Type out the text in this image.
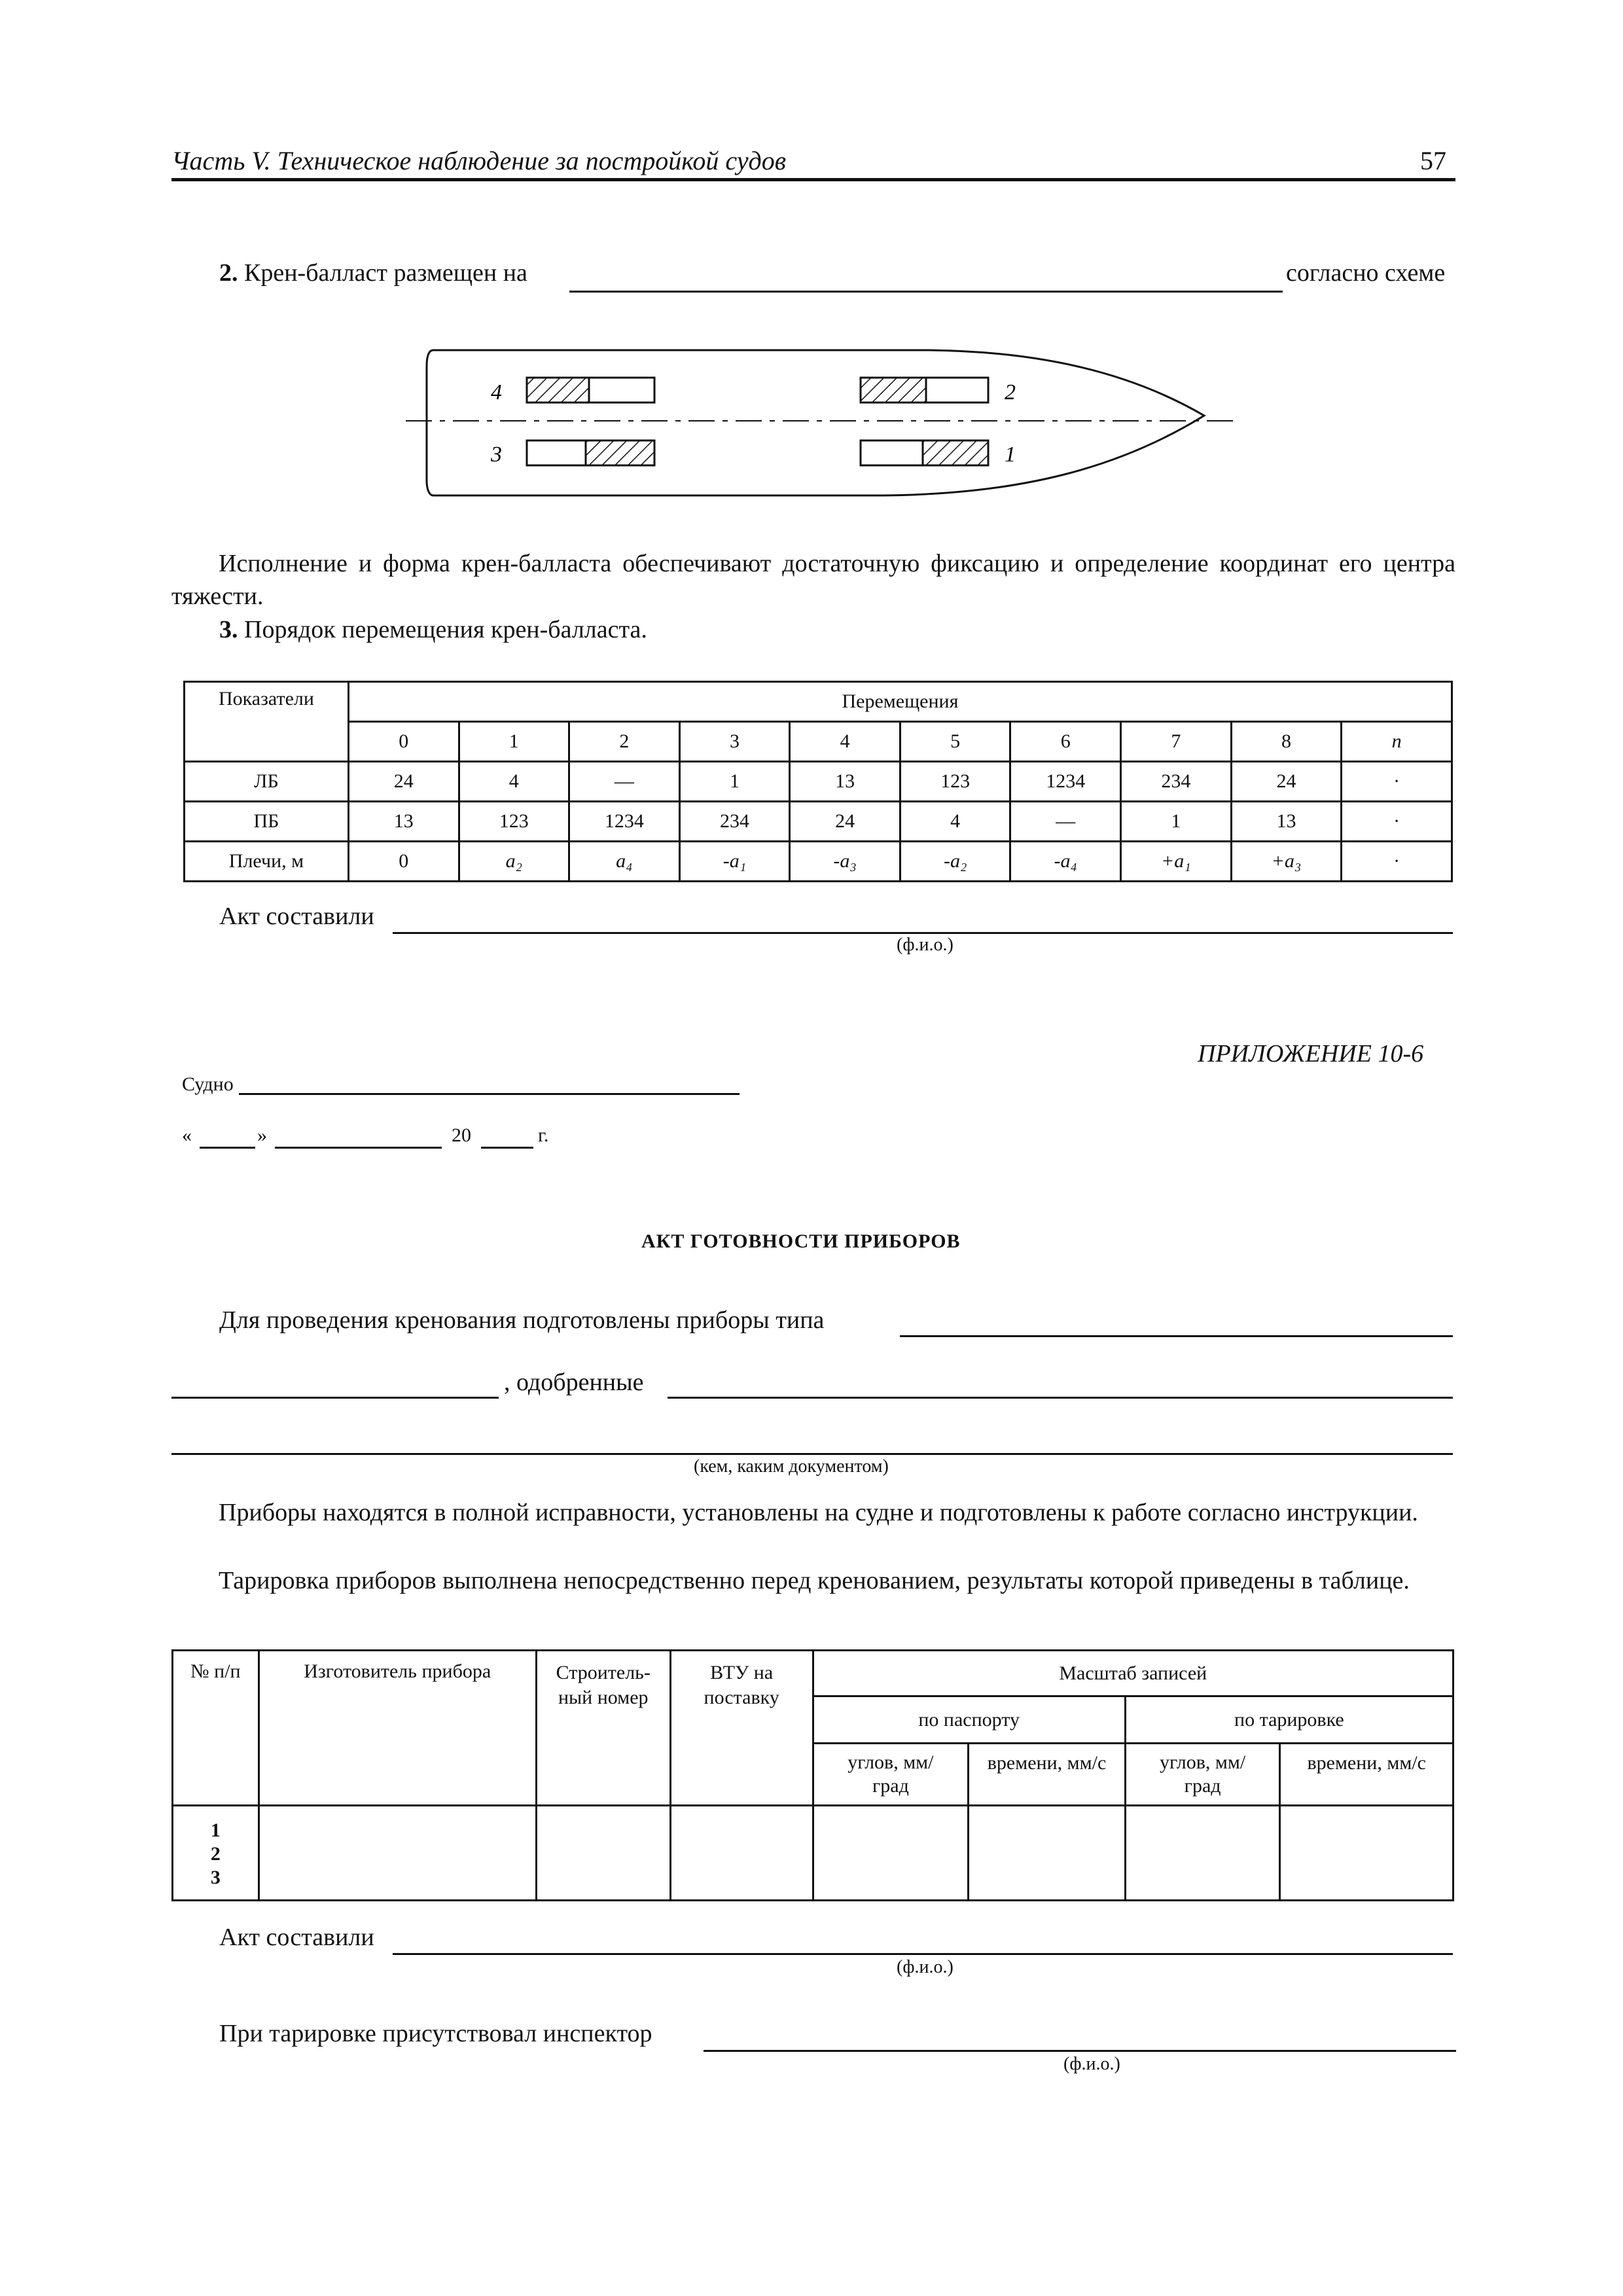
Часть V. Техническое наблюдение за постройкой судов	57
2. Крен-балласт размещен на	согласно схеме
4	2
3	1
Исполнение и форма крен-балласта обеспечивают достаточную фиксацию и определение координат его центра тяжести.
3. Порядок перемещения крен-балласта.
Показатели	Перемещения									
	0	1	2	3	4	5	6	7	8	n
ЛБ	24	4	—	1	13	123	1234	234	24	·
ПБ	13	123	1234	234	24	4	—	1	13	·
Плечи, м	0	a₂	a₄	-a₁	-a₃	-a₂	-a₄	+a₁	+a₃	·
Акт составили
(ф.и.о.)
ПРИЛОЖЕНИЕ 10-6
Судно
«	»	20	г.
АКТ ГОТОВНОСТИ ПРИБОРОВ
Для проведения кренования подготовлены приборы типа
, одобренные
(кем, каким документом)
Приборы находятся в полной исправности, установлены на судне и подготовлены к работе согласно инструкции.
Тарировка приборов выполнена непосредственно перед кренованием, результаты которой приведены в таблице.
№ п/п	Изготовитель прибора	Строитель-ный номер	ВТУ на поставку	Масштаб записей			
				по паспорту		по тарировке	
				углов, мм/град	времени, мм/с	углов, мм/град	времени, мм/с

1
2
3							

Акт составили
(ф.и.о.)
При тарировке присутствовал инспектор
(ф.и.о.)
